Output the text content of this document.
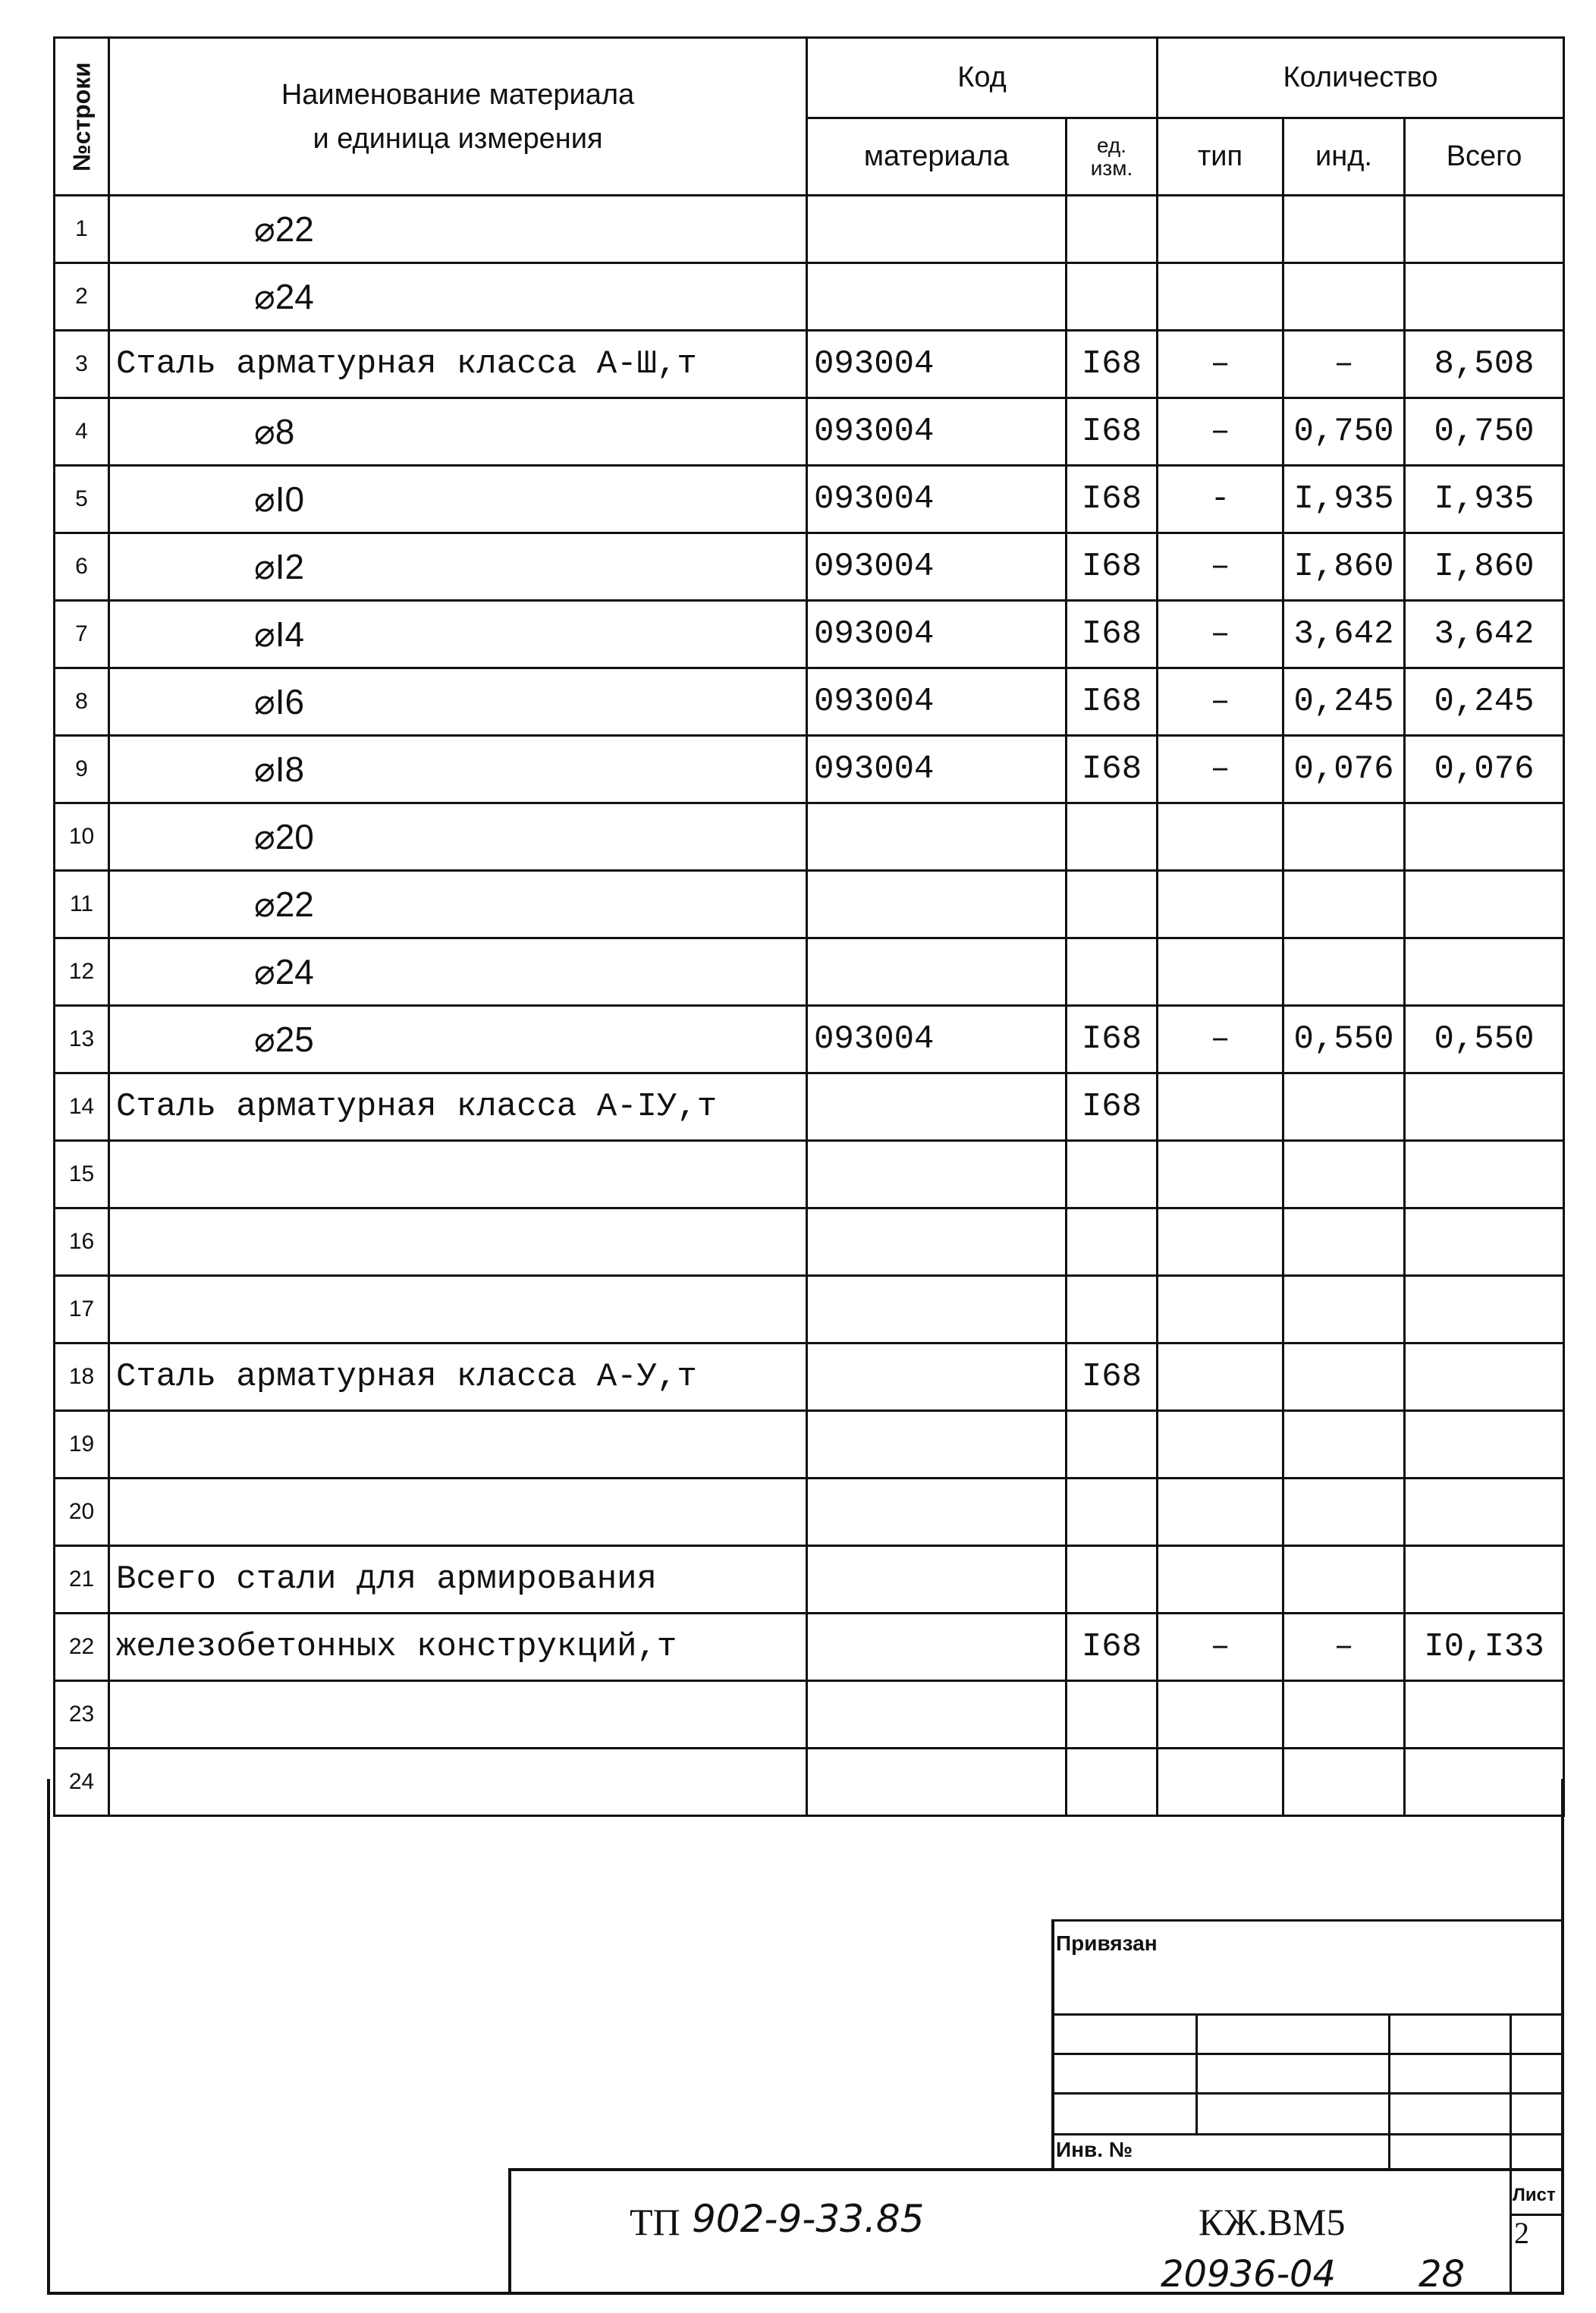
№строки	Наименование материала
и единица измерения	Код		Количество		
		материала	ед. изм.	тип	инд.	Всего
1	⌀22					
2	⌀24					
3	Сталь арматурная класса А-Ш,т	093004	I68	–	–	8,508
4	⌀8	093004	I68	–	0,750	0,750
5	⌀I0	093004	I68	-	I,935	I,935
6	⌀I2	093004	I68	–	I,860	I,860
7	⌀I4	093004	I68	–	3,642	3,642
8	⌀I6	093004	I68	–	0,245	0,245
9	⌀I8	093004	I68	–	0,076	0,076
10	⌀20					
11	⌀22					
12	⌀24					
13	⌀25	093004	I68	–	0,550	0,550
14	Сталь арматурная класса А-IУ,т		I68			
15						
16						
17						
18	Сталь арматурная класса А-У,т		I68			
19						
20						
21	Всего стали для армирования					
22	железобетонных конструкций,т		I68	–	–	I0,I33
23						
24						
Привязан
Инв. №
ТП 902-9-33.85	КЖ.ВМ5
Лист
2
20936-04 28
